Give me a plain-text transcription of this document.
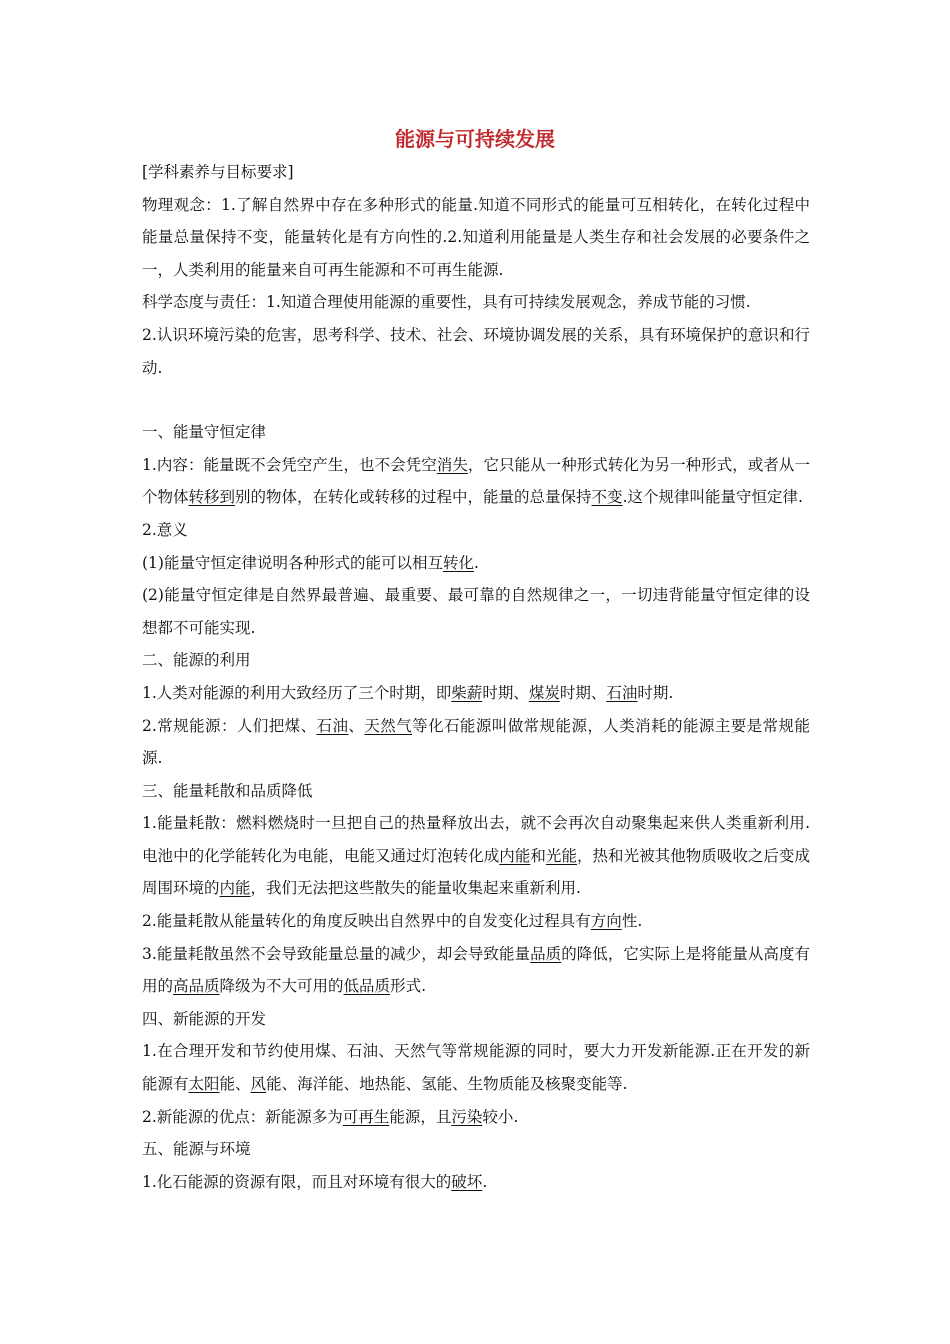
能源与可持续发展

[学科素养与目标要求]

物理观念：1.了解自然界中存在多种形式的能量.知道不同形式的能量可互相转化，在转化过程中能量总量保持不变，能量转化是有方向性的.2.知道利用能量是人类生存和社会发展的必要条件之一，人类利用的能量来自可再生能源和不可再生能源.

科学态度与责任：1.知道合理使用能源的重要性，具有可持续发展观念，养成节能的习惯.

2.认识环境污染的危害，思考科学、技术、社会、环境协调发展的关系，具有环境保护的意识和行动.

一、能量守恒定律

1.内容：能量既不会凭空产生，也不会凭空消失，它只能从一种形式转化为另一种形式，或者从一个物体转移到别的物体，在转化或转移的过程中，能量的总量保持不变.这个规律叫能量守恒定律.

2.意义

(1)能量守恒定律说明各种形式的能可以相互转化.

(2)能量守恒定律是自然界最普遍、最重要、最可靠的自然规律之一，一切违背能量守恒定律的设想都不可能实现.

二、能源的利用

1.人类对能源的利用大致经历了三个时期，即柴薪时期、煤炭时期、石油时期.

2.常规能源：人们把煤、石油、天然气等化石能源叫做常规能源，人类消耗的能源主要是常规能源.

三、能量耗散和品质降低

1.能量耗散：燃料燃烧时一旦把自己的热量释放出去，就不会再次自动聚集起来供人类重新利用.电池中的化学能转化为电能，电能又通过灯泡转化成内能和光能，热和光被其他物质吸收之后变成周围环境的内能，我们无法把这些散失的能量收集起来重新利用.

2.能量耗散从能量转化的角度反映出自然界中的自发变化过程具有方向性.

3.能量耗散虽然不会导致能量总量的减少，却会导致能量品质的降低，它实际上是将能量从高度有用的高品质降级为不大可用的低品质形式.

四、新能源的开发

1.在合理开发和节约使用煤、石油、天然气等常规能源的同时，要大力开发新能源.正在开发的新能源有太阳能、风能、海洋能、地热能、氢能、生物质能及核聚变能等.

2.新能源的优点：新能源多为可再生能源，且污染较小.

五、能源与环境

1.化石能源的资源有限，而且对环境有很大的破坏.
